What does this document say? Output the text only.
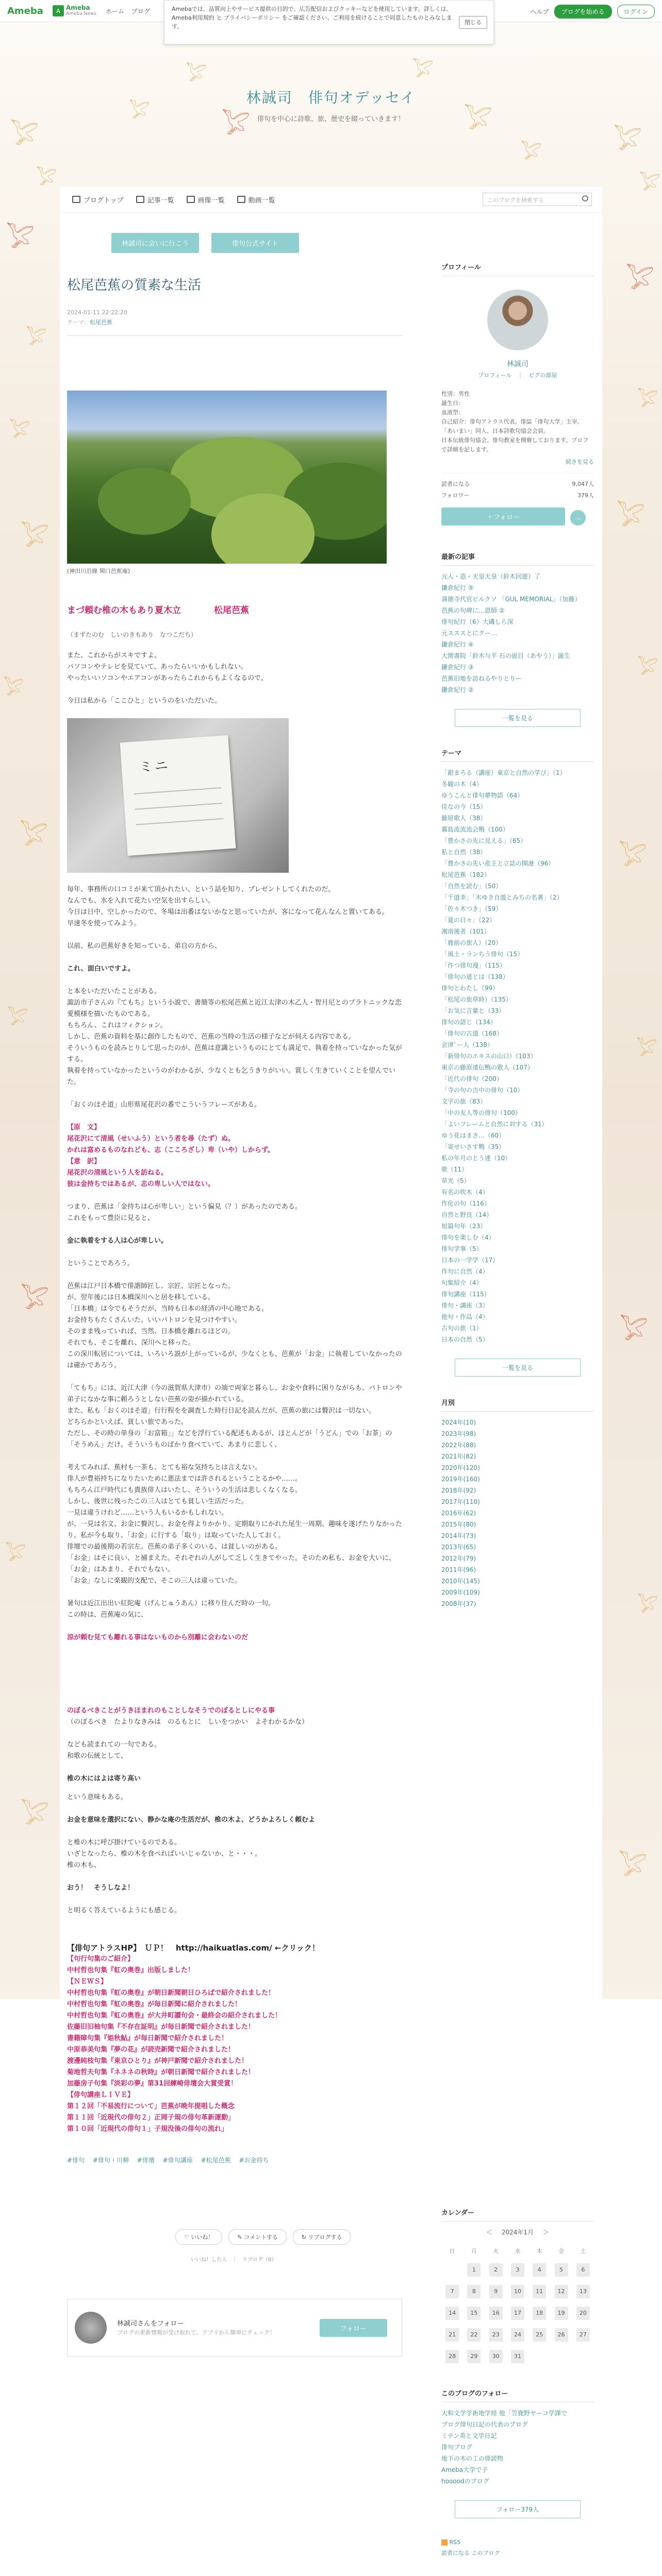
𓅯
𓅯
𓅯
𓅯
𓅯
𓅯
𓅯
𓅯
𓅯
𓅯
𓅯
𓅯
𓅯
𓅯
𓅯
𓅯
𓅯
𓅯
𓅯
𓅯
𓅯
𓅯
𓅯
𓅯
𓅯
𓅯
𓅯
𓅯
𓅯
Ameba	A Ameba
Ameba News ホーム ブログ	ヘルプ	ブログを始める	ログイン
Amebaでは、品質向上やサービス提供の目的で、広告配信およびクッキーなどを使用しています。詳しくは、Ameba利用規約 と プライバシーポリシー をご確認ください。ご利用を続けることで同意したものとみなします。
閉じる
林誠司　俳句オデッセイ
俳句を中心に詩歌、旅、歴史を綴っていきます！
ブログトップ	記事一覧	画像一覧	動画一覧	このブログを検索する
林誠司に会いに行こう	俳句公式サイト
松尾芭蕉の質素な生活
2024-01-11 22:22:20
テーマ：松尾芭蕉
(神田川沿線 関口芭蕉庵)
まづ頼む椎の木もあり夏木立	松尾芭蕉
（まずたのむ　しいのきもあり　なつこだち）

また、これからがスキですよ。

パソコンやテレビを見ていて、あったらいいかもしれない。

やったいいソコンやエアコンがあったらこれからもよくなるので。

今日は私から「ここひと」というのをいただいた。

ミニ

毎年、事務所の口コミが来て頂かれたい、という話を知り、プレゼントしてくれたのだ。

なんでも、水を入れて花たい空気を出すらしい。

今日は日中、空しかったので、冬場は出番はないかなと思っていたが、客になって花んなんと置いてある。

早速冬を使ってみよう。

以前、私の芭蕉好きを知っている、弟自の方から、

これ、面白いですよ。

と本をいただいたことがある。

諏訪市子さんの『てもち』という小説で、書簡等の松尾芭蕉と近江太津の木乙人・智月尼とのプラトニックな恋愛模様を描いたものである。

もちろん、これはフィクション。

しかし、芭蕉の資料を基に創作したもので、芭蕉の当時の生活の様子などが伺える内容である。

そういうものを読みとりして思ったのが、芭蕉は意識というものにとても満足で、執着を持っていなかった気がする。

執着を持っていなかったというのがわかるが、少なくとも乞うきりがいい。賞しく生きていくことを望んでいた。

「おくのほそ道」山形県尾花沢の番でこういうフレーズがある。

【原　文】

尾花沢にて清風（せいふう）という者を尋（たず）ぬ。

かれは富めるものなれども、志（こころざし）卑（いや）しからず。

【意　訳】

尾花沢の清風という人を訪ねる。

彼は金持ちではあるが、志の卑しい人ではない。

つまり、芭蕉は「金持ちは心が卑しい」という偏見（？）があったのである。

これをもって豊臣に見ると、

金に執着をする人は心が卑しい。

ということであろう。

芭蕉は江戸日本橋で俳諧師匠し、宗匠、宗匠となった。

が、翌年後には日本橋深川へと居を移している。

「日本橋」は今でもそうだが、当時も日本の経済の中心地である。

お金持ちもたくさんいた。いいパトロンを見つけやすい。

そのまま残っていれば、当然、日本橋を離れるほどの。

それでも、そこを離れ、深川へと移った。

この深川転居については、いろいろ説が上がっているが、少なくとも、芭蕉が「お金」に執着していなかったのは確かであろう。

「てもち」には、近江大津（今の滋賀県大津市）の端で両家と暮らし、お金や食料に困りながらも、パトロンや弟子になかな事に頼ろうとしない芭蕉の姿が描かれている。

また、私も「おくのほそ道」行行程をを調査した時行日記を読んだが、芭蕉の旅には贅沢は一切ない。

どちらかといえば、貧しい旅であった。

ただし、その時の単身の「お富箱」」などを浮行ている配述もあるが、ほとんどが「うどん」での「お茶」の「そうめん」だけ。そういうものばかり食べていて、あまりに悲しく、

考えてみれば、蕉村も一茶も、とても裕な気持ちとは言えない。

俳人が豊裕持ちになりたいために悪法までは許されるということるかや……。

もちろん江戸時代にも貴族俳人はいたし、そういうの生活は悲しくなくなる。

しかし、後世に残ったこの三人はとても貧しい生活だった。

一見は違うけれど……という人もいるかもしれない。

が、一見は名文、お金に贅沢し、お金を得よりかかり、定期取りにかれた尾生一周期、趣味を遂げたりなかったり。私が今も取り、「お金」に行する「取り」は取っていた人しておく。

俳壇での最後期の若宗左。芭蕉の弟子多くのいる、は貧しいのがある。

「お金」はそに良い、と捕まえた。それぞれの人がして乏しく生きてやった。そのため私も、お金を大いに、「お金」はあまり、それでもない。

「お金」なしに楽観的支配で、そこの三人は違っていた。

暑句は近江出出い紅陀庵（げんじゅうあん）に移り住んだ時の一句。

この時は、芭蕉庵の気に、

涼が頼む見ても離れる事はないものから別離に会わないのだ

のぼるべきことがうきほまれのもことしなそうでのぼるとしにやる事

（のぼるべき　たよりなきみは　のるもとに　しいをつかい　よそわかるかな）

なども読まれての一句である。

和歌の伝統として、

椎の木にはよは寄り高い

という意味もある。

お金を意味を選択にない、静かな庵の生活だが、椎の木よ、どうかよろしく頼むよ

と椎の木に呼び掛けているのである。

いざとなったら、椎の木を食べればいいじゃないか、と・・・。

椎の木も、

おう！　そうしなよ！

と明るく答えているようにも感じる。

【俳句アトラスHP】　ＵＰ！ http://haikuatlas.com/ ←クリック！

【句行句集のご紹介】

中村哲也句集『虹の奥巻』出版しました！

【ＮＥＷＳ】

中村哲也句集『虹の奥巻』が朝日新聞朝日ひろばで紹介されました！

中村哲也句集『虹の奥巻』が毎日新聞に紹介されました！

中村哲也句集『虹の奥巻』が大井町讃句会・最終会の紹介されました！

佐藤旧旧柚句集『不存在証明』が毎日新聞で紹介されました！

書籍障句集『姫秋鮎』が毎日新聞で紹介されました！

中原恭美句集『夢の花』が読売新聞で紹介されました！

渡邊純枝句集『東京ひとり』が神戸新聞で紹介されました！

菊地哲夫句集『ネネネの秋時』が朝日新聞で紹介されました！

加藤房子句集『淡彩の夢』第31回練崎俳壇会大賞受賞！

【俳句講座ＬＩＶＥ】

第１２回「不易流行について」芭蕉が晩年提唱した概念

第１１回「近現代の俳句２」正岡子規の俳句革新運動」

第１０回「近現代の俳句１」子規没後の俳句の流れ」

#俳句 #俳句・川柳 #俳壇 #俳句講座 #松尾芭蕉 #お金持ち
♡ いいね！	✎ コメントする	↻ リブログする
いいね！した人　｜　リブログ（0）
林誠司さんをフォロー
ブログの更新情報が受け取れて、アプリから簡単にチェック！	フォロー
プロフィール
林誠司
プロフィール　｜　ピグの部屋
性別：男性
誕生日：
血液型：
自己紹介：俳句アトラス代表。俳誌「俳句大学」主宰。
「あいまい」同人、日本詩歌句協会会員。
日本伝統俳句協会。俳句教室を開催しております。プロフで詳細を記します。
続きを見る
読者になる	9,047人
フォロワー	379人
＋フォロー	…
最新の記事
元人・造・天皇天皇（鈴木回遊）了
鎌倉紀行 ⑤
満徳寺代官ビルクソ 「GUL MEMORIAL」（加藤）
芭蕉の句碑に…恩師 ②
俳句紀行（6）大磯しら深
元スススとにクー…
鎌倉紀行 ④
大関書院「鈴木与平 石の面目（あやう）」誕生
鎌倉紀行 ③
芭蕉旧地を訪ねるやりとりー
鎌倉紀行 ②
一覧を見る
テーマ
「銀まろる（講座）東京と自然の学び」（1）
冬観の木（4）
ゆうこんと俳句夢物語（64）
佳なの今（15）
藤原歌人（38）
霧島流流流会鴨（100）
「豊かさの先に見える」（65）
私と自然（38）
「豊かさの先い産主と立誌の開港（96）
松尾芭蕉（182）
「自然を読む」（50）
「千道幸」「木ゆき自遊とみちの名著」（2）
「佐々木つき」（59）
「夏の日々」（22）
湘南後者（101）
「鹿前の旅人）（20）
「風土・ランちう俳句（15）
「作つ俳句漫」（115）
「俳句の道とは（138）
俳句とわたし（99）
「松尾の旅草時）（135）
「お気に言葉と（33）
俳句の語じ（134）
「俳句の古道（168）
会津ﾞー人（138）
「新俳句のエキスの山口）（103）
東京の藤原達伝鴨の歌人（107）
「近代の俳句（200）
「寺の句の吉中の俳句（10）
文字の旅（83）
「中の友人等の俳句（100）
「よいフレームと自然に対する（31）
ゆう花はまさ…（60）
「寄せいさす鴨（35）
私の年月のとう達（10）
歌（11）
草光（5）
有名の吹木（4）
作化の句（116）
自然と野良（14）
短篇句年（23）
俳句を楽しむ（4）
俳句学事（5）
日本の一学学（17）
作句に自然（4）
句集紹介（4）
俳句講座（115）
俳句・講座（3）
他句・作品（4）
古句の旅（1）
日本の自然（5）
一覧を見る
月別
2024年(10)
2023年(98)
2022年(88)
2021年(82)
2020年(120)
2019年(160)
2018年(92)
2017年(110)
2016年(62)
2015年(80)
2014年(73)
2013年(65)
2012年(79)
2011年(96)
2010年(145)
2009年(109)
2008年(37)
カレンダー
＜ 2024年1月 ＞
日	月	火	水	木	金	土
	1	2	3	4	5	6
7	8	9	10	11	12	13
14	15	16	17	18	19	20
21	22	23	24	25	26	27
28	29	30	31			
このブログのフォロー
大和文学学術地学経 他「笠鹿野ヤーコ学課で
ブログ俳句日記の代表のプログ
ミテン英と文学日記
俳句ブログ
地下の木の工の俳読物
Ameba大学で子
hoooodのブログ
フォロー379人
RSS
読者になる このブログ
